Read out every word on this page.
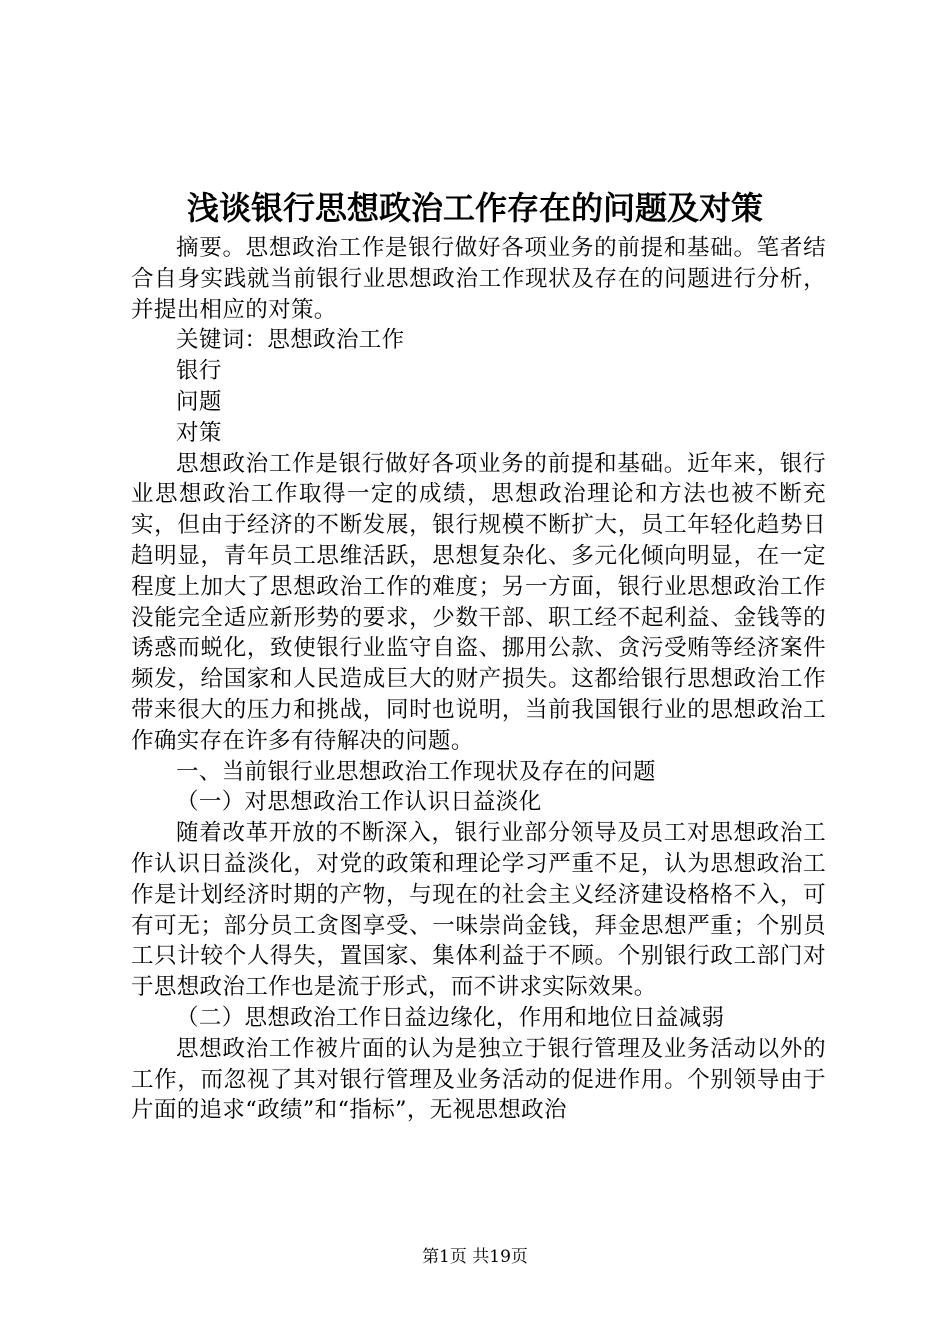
浅谈银行思想政治工作存在的问题及对策

摘要。思想政治工作是银行做好各项业务的前提和基础。笔者结合自身实践就当前银行业思想政治工作现状及存在的问题进行分析，并提出相应的对策。

关键词：思想政治工作

银行

问题

对策

思想政治工作是银行做好各项业务的前提和基础。近年来，银行业思想政治工作取得一定的成绩，思想政治理论和方法也被不断充实，但由于经济的不断发展，银行规模不断扩大，员工年轻化趋势日趋明显，青年员工思维活跃，思想复杂化、多元化倾向明显，在一定程度上加大了思想政治工作的难度；另一方面，银行业思想政治工作没能完全适应新形势的要求，少数干部、职工经不起利益、金钱等的诱惑而蜕化，致使银行业监守自盗、挪用公款、贪污受贿等经济案件频发，给国家和人民造成巨大的财产损失。这都给银行思想政治工作带来很大的压力和挑战，同时也说明，当前我国银行业的思想政治工作确实存在许多有待解决的问题。

一、当前银行业思想政治工作现状及存在的问题

（一）对思想政治工作认识日益淡化

随着改革开放的不断深入，银行业部分领导及员工对思想政治工作认识日益淡化，对党的政策和理论学习严重不足，认为思想政治工作是计划经济时期的产物，与现在的社会主义经济建设格格不入，可有可无；部分员工贪图享受、一味崇尚金钱，拜金思想严重；个别员工只计较个人得失，置国家、集体利益于不顾。个别银行政工部门对于思想政治工作也是流于形式，而不讲求实际效果。

（二）思想政治工作日益边缘化，作用和地位日益减弱

思想政治工作被片面的认为是独立于银行管理及业务活动以外的工作，而忽视了其对银行管理及业务活动的促进作用。个别领导由于片面的追求“政绩”和“指标”，无视思想政治

第1页 共19页
